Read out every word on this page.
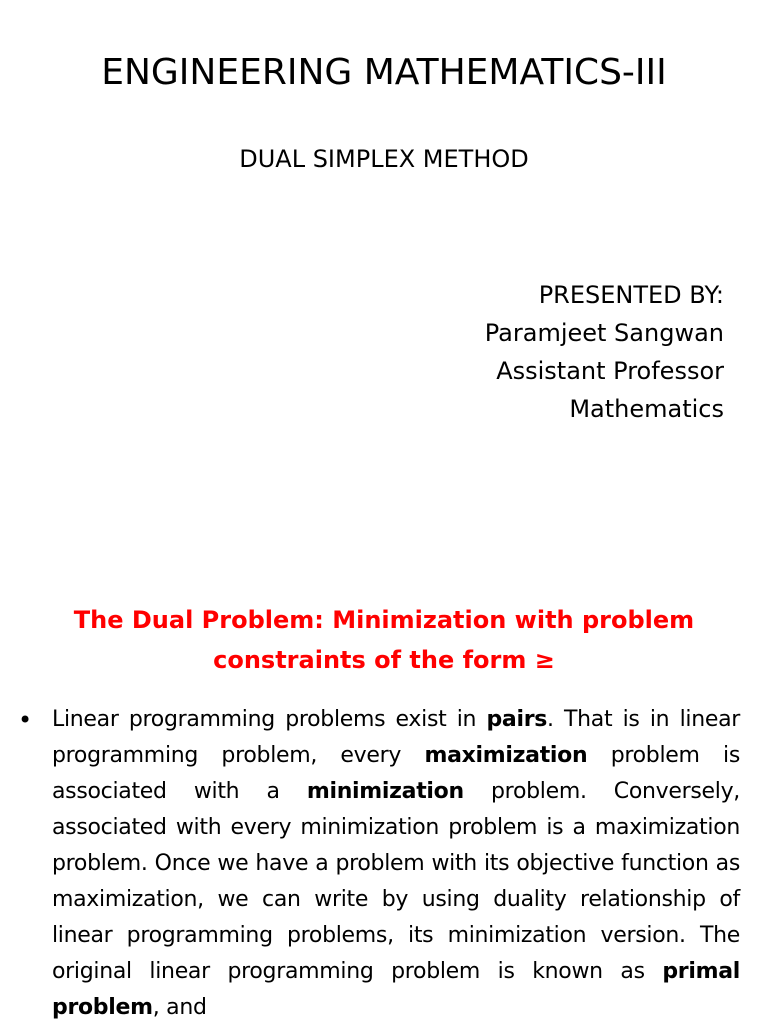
ENGINEERING MATHEMATICS-III
DUAL SIMPLEX METHOD
PRESENTED BY:
Paramjeet Sangwan
Assistant Professor
Mathematics
The Dual Problem: Minimization with problem constraints of the form ≥
• Linear programming problems exist in pairs. That is in linear programming problem, every maximization problem is associated with a minimization problem. Conversely, associated with every minimization problem is a maximization problem. Once we have a problem with its objective function as maximization, we can write by using duality relationship of linear programming problems, its minimization version. The original linear programming problem is known as primal problem, and
